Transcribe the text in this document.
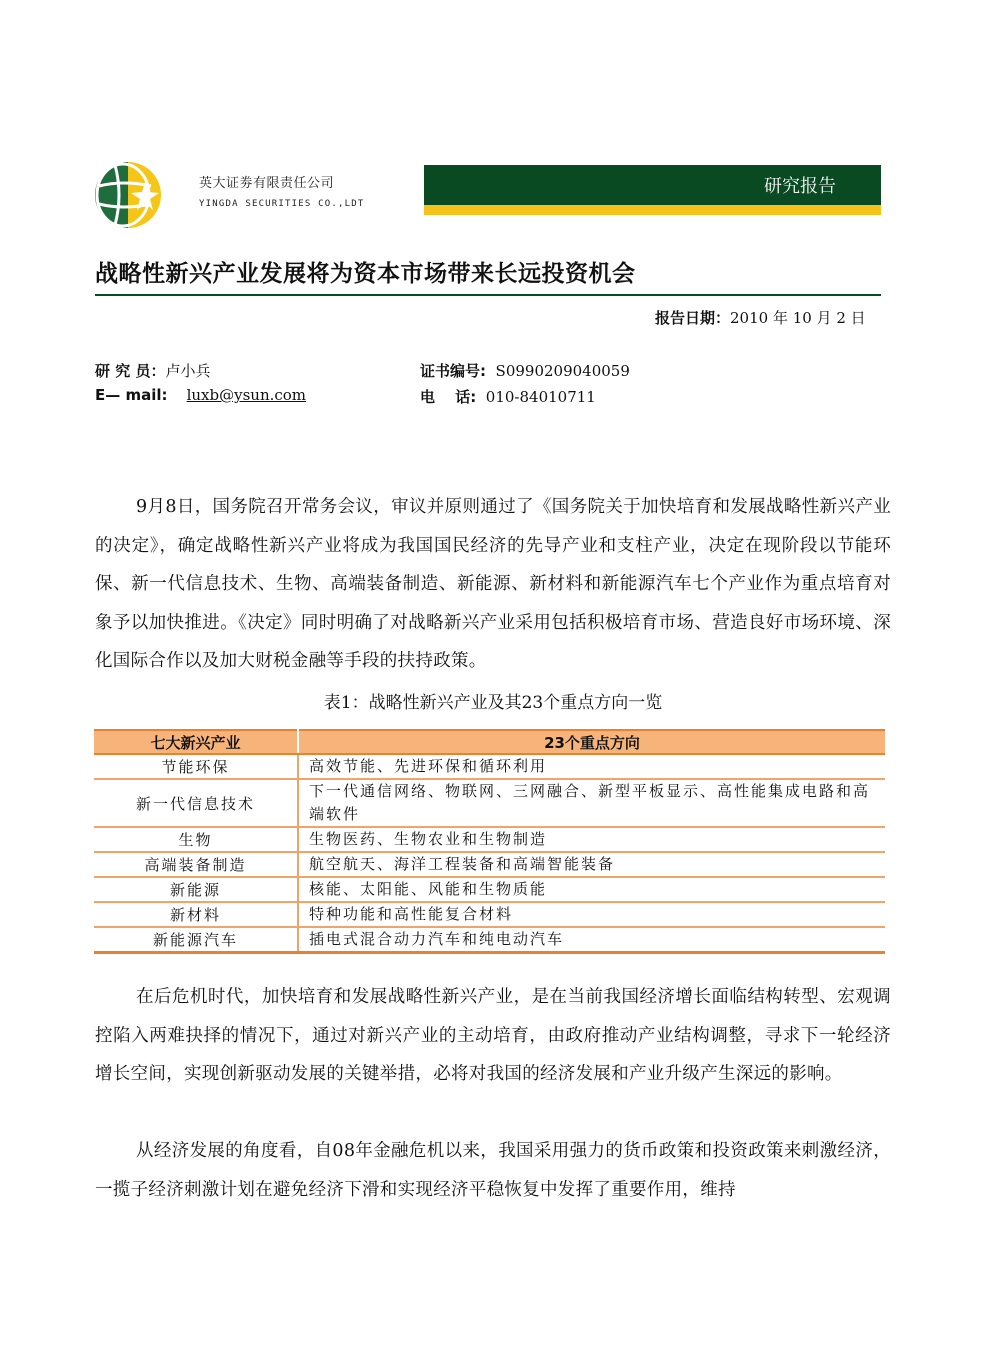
英大证劵有限责任公司
YINGDA SECURITIES CO.,LDT
研究报告
战略性新兴产业发展将为资本市场带来长远投资机会
报告日期：2010 年 10 月 2 日
研 究 员：卢小兵
E— mail: luxb@ysun.com
证书编号: S0990209040059
电　 话: 010-84010711

9月8日，国务院召开常务会议，审议并原则通过了《国务院关于加快培育和发展战略性新兴产业的决定》，确定战略性新兴产业将成为我国国民经济的先导产业和支柱产业，决定在现阶段以节能环保、新一代信息技术、生物、高端装备制造、新能源、新材料和新能源汽车七个产业作为重点培育对象予以加快推进。《决定》同时明确了对战略新兴产业采用包括积极培育市场、营造良好市场环境、深化国际合作以及加大财税金融等手段的扶持政策。

表1：战略性新兴产业及其23个重点方向一览
七大新兴产业	23个重点方向
节能环保	高效节能、先进环保和循环利用
新一代信息技术	下一代通信网络、物联网、三网融合、新型平板显示、高性能集成电路和高端软件
生物	生物医药、生物农业和生物制造
高端装备制造	航空航天、海洋工程装备和高端智能装备
新能源	核能、太阳能、风能和生物质能
新材料	特种功能和高性能复合材料
新能源汽车	插电式混合动力汽车和纯电动汽车

在后危机时代，加快培育和发展战略性新兴产业，是在当前我国经济增长面临结构转型、宏观调控陷入两难抉择的情况下，通过对新兴产业的主动培育，由政府推动产业结构调整，寻求下一轮经济增长空间，实现创新驱动发展的关键举措，必将对我国的经济发展和产业升级产生深远的影响。

从经济发展的角度看，自08年金融危机以来，我国采用强力的货币政策和投资政策来刺激经济，一揽子经济刺激计划在避免经济下滑和实现经济平稳恢复中发挥了重要作用，维持
